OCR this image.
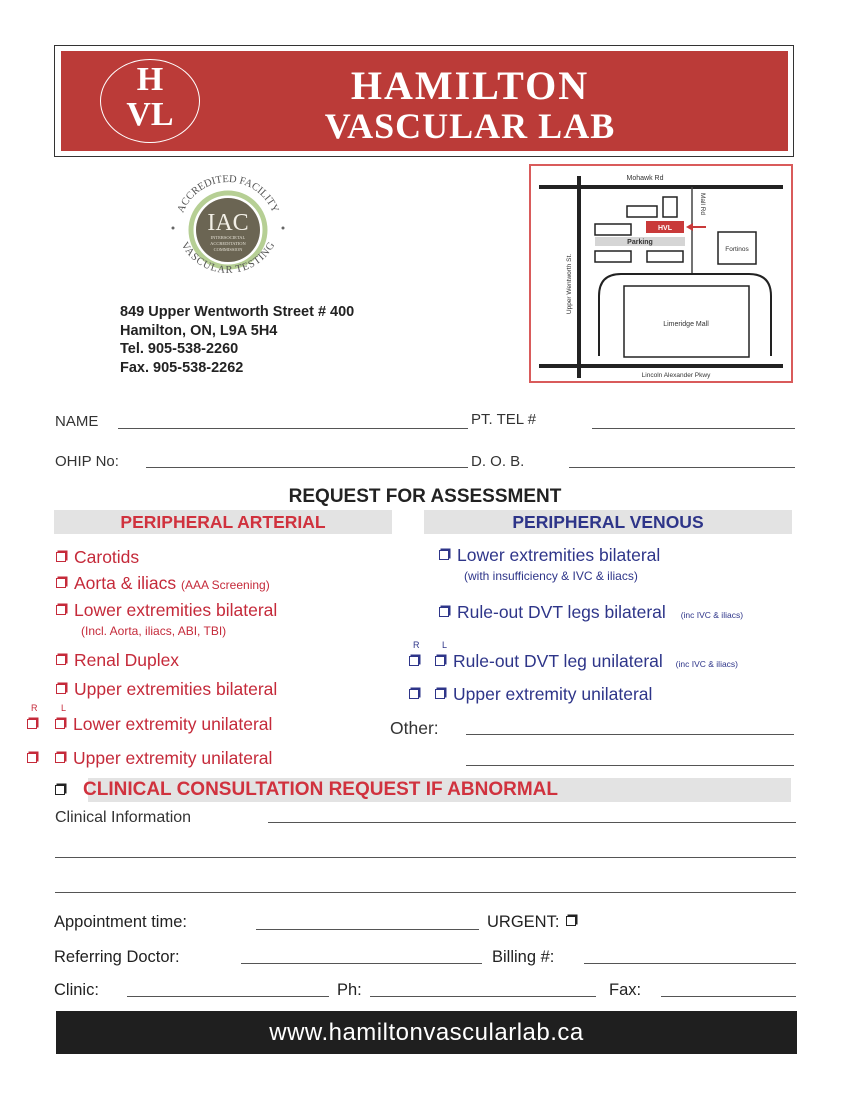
H
VL
HAMILTON
VASCULAR LAB
ACCREDITED FACILITY
VASCULAR TESTING
IAC
INTERSOCIETAL
ACCREDITATION
COMMISSION
849 Upper Wentworth Street # 400
Hamilton, ON, L9A 5H4
Tel. 905-538-2260
Fax. 905-538-2262
Mohawk Rd
HVL
Parking
Fortinos
Limeridge Mall
Lincoln Alexander Pkwy
Upper Wentworth St.
Mall Rd
NAME	PT. TEL #
OHIP No:	D. O. B.
REQUEST FOR ASSESSMENT
PERIPHERAL ARTERIAL	PERIPHERAL VENOUS
Carotids
Aorta & iliacs (AAA Screening)
Lower extremities bilateral
(Incl. Aorta, iliacs, ABI, TBI)
Renal Duplex
Upper extremities bilateral
R	L
Lower extremity unilateral
Upper extremity unilateral
Lower extremities bilateral
(with insufficiency & IVC & iliacs)
Rule-out DVT legs bilateral (inc IVC & iliacs)
R	L
Rule-out DVT leg unilateral (inc IVC & iliacs)
Upper extremity unilateral
Other:
CLINICAL CONSULTATION REQUEST IF ABNORMAL
Clinical Information
Appointment time:	URGENT:
Referring Doctor:	Billing #:
Clinic:	Ph:	Fax:
www.hamiltonvascularlab.ca
